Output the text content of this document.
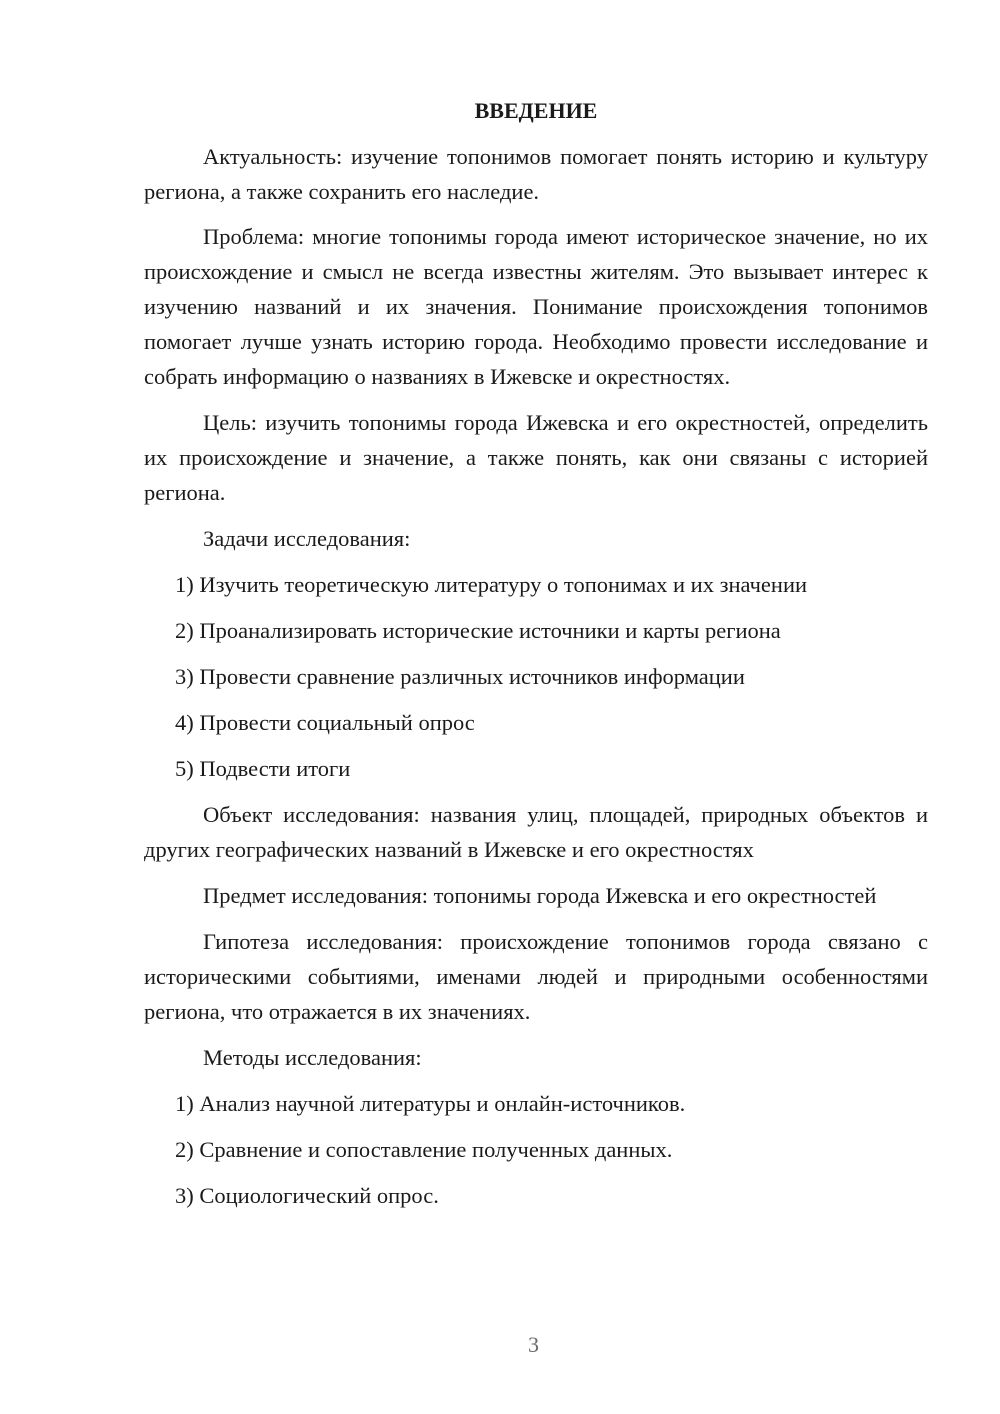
ВВЕДЕНИЕ

Актуальность: изучение топонимов помогает понять историю и культуру региона, а также сохранить его наследие.

Проблема: многие топонимы города имеют историческое значение, но их происхождение и смысл не всегда известны жителям. Это вызывает интерес к изучению названий и их значения. Понимание происхождения топонимов помогает лучше узнать историю города. Необходимо провести исследование и собрать информацию о названиях в Ижевске и окрестностях.

Цель: изучить топонимы города Ижевска и его окрестностей, определить их происхождение и значение, а также понять, как они связаны с историей региона.

Задачи исследования:

1) Изучить теоретическую литературу о топонимах и их значении
2) Проанализировать исторические источники и карты региона
3) Провести сравнение различных источников информации
4) Провести социальный опрос
5) Подвести итоги

Объект исследования: названия улиц, площадей, природных объектов и других географических названий в Ижевске и его окрестностях

Предмет исследования: топонимы города Ижевска и его окрестностей

Гипотеза исследования: происхождение топонимов города связано с историческими событиями, именами людей и природными особенностями региона, что отражается в их значениях.

Методы исследования:

1) Анализ научной литературы и онлайн-источников.
2) Сравнение и сопоставление полученных данных.
3) Социологический опрос.
3
